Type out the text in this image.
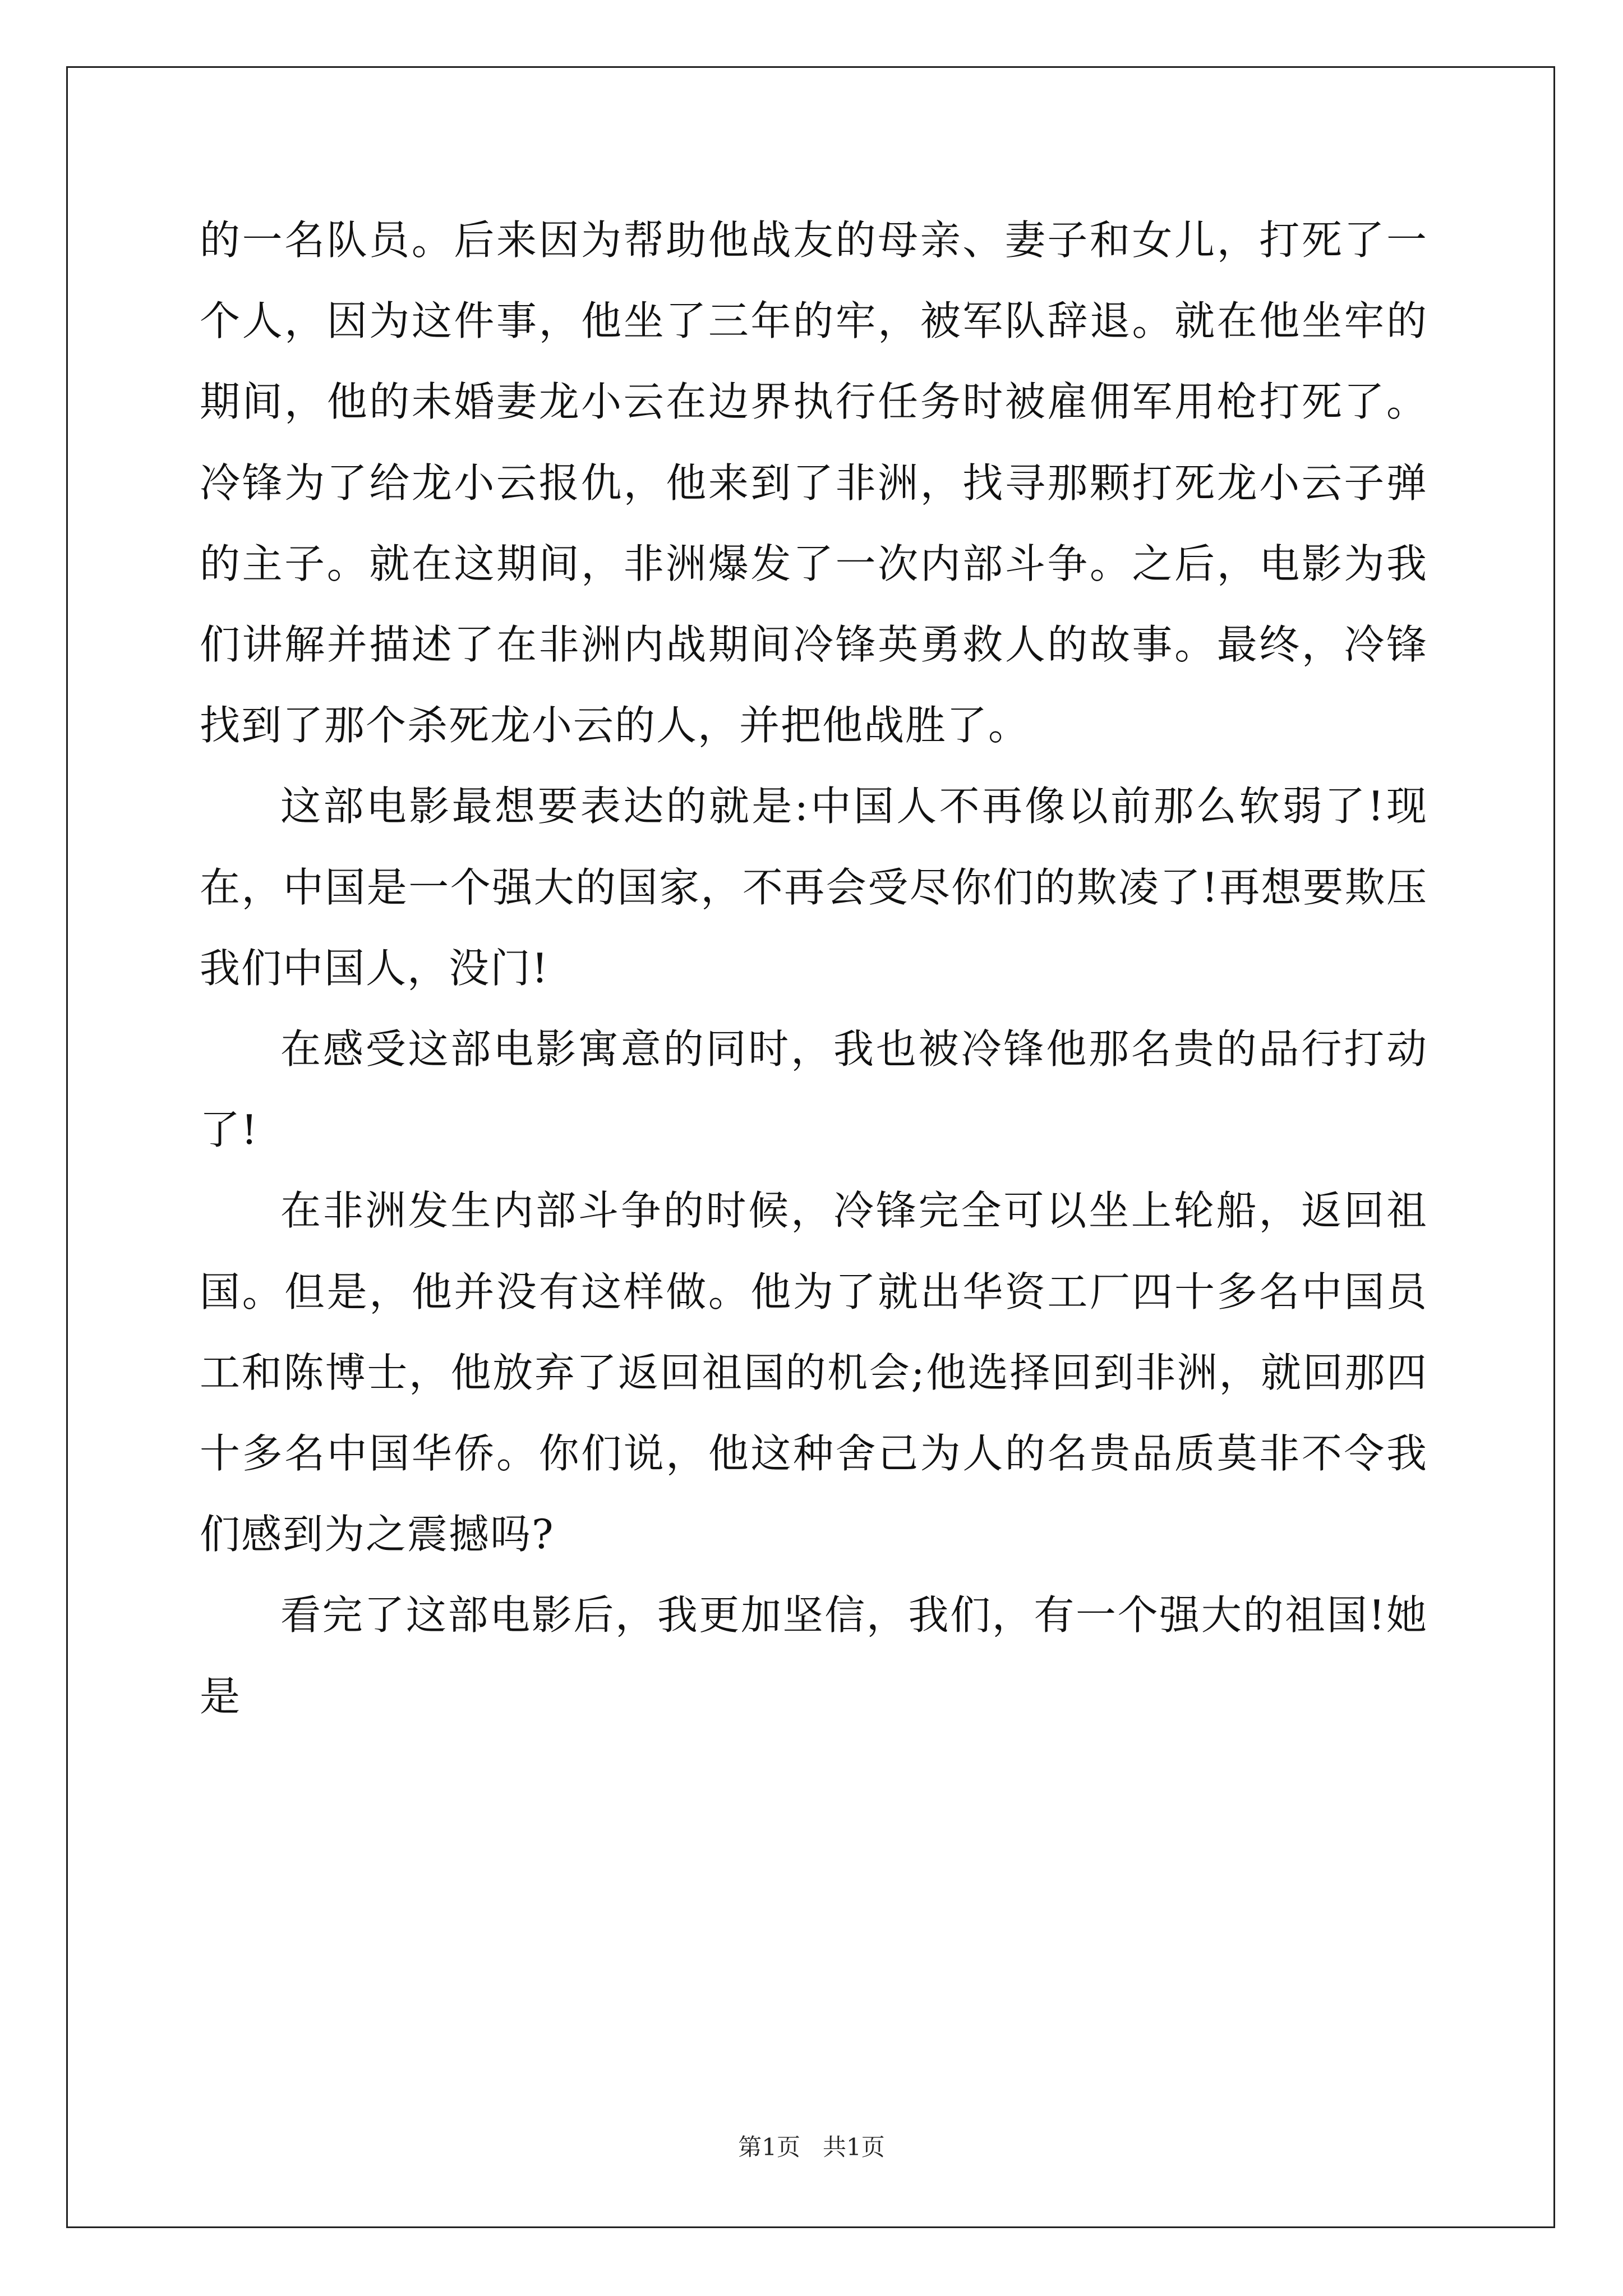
的一名队员。后来因为帮助他战友的母亲、妻子和女儿，打死了一个人，因为这件事，他坐了三年的牢，被军队辞退。就在他坐牢的期间，他的未婚妻龙小云在边界执行任务时被雇佣军用枪打死了。冷锋为了给龙小云报仇，他来到了非洲，找寻那颗打死龙小云子弹的主子。就在这期间，非洲爆发了一次内部斗争。之后，电影为我们讲解并描述了在非洲内战期间冷锋英勇救人的故事。最终，冷锋找到了那个杀死龙小云的人，并把他战胜了。

这部电影最想要表达的就是:中国人不再像以前那么软弱了!现在，中国是一个强大的国家，不再会受尽你们的欺凌了!再想要欺压我们中国人，没门!

在感受这部电影寓意的同时，我也被冷锋他那名贵的品行打动了!

在非洲发生内部斗争的时候，冷锋完全可以坐上轮船，返回祖国。但是，他并没有这样做。他为了就出华资工厂四十多名中国员工和陈博士，他放弃了返回祖国的机会;他选择回到非洲，就回那四十多名中国华侨。你们说，他这种舍己为人的名贵品质莫非不令我们感到为之震撼吗?

看完了这部电影后，我更加坚信，我们，有一个强大的祖国!她是

第1页 共1页
